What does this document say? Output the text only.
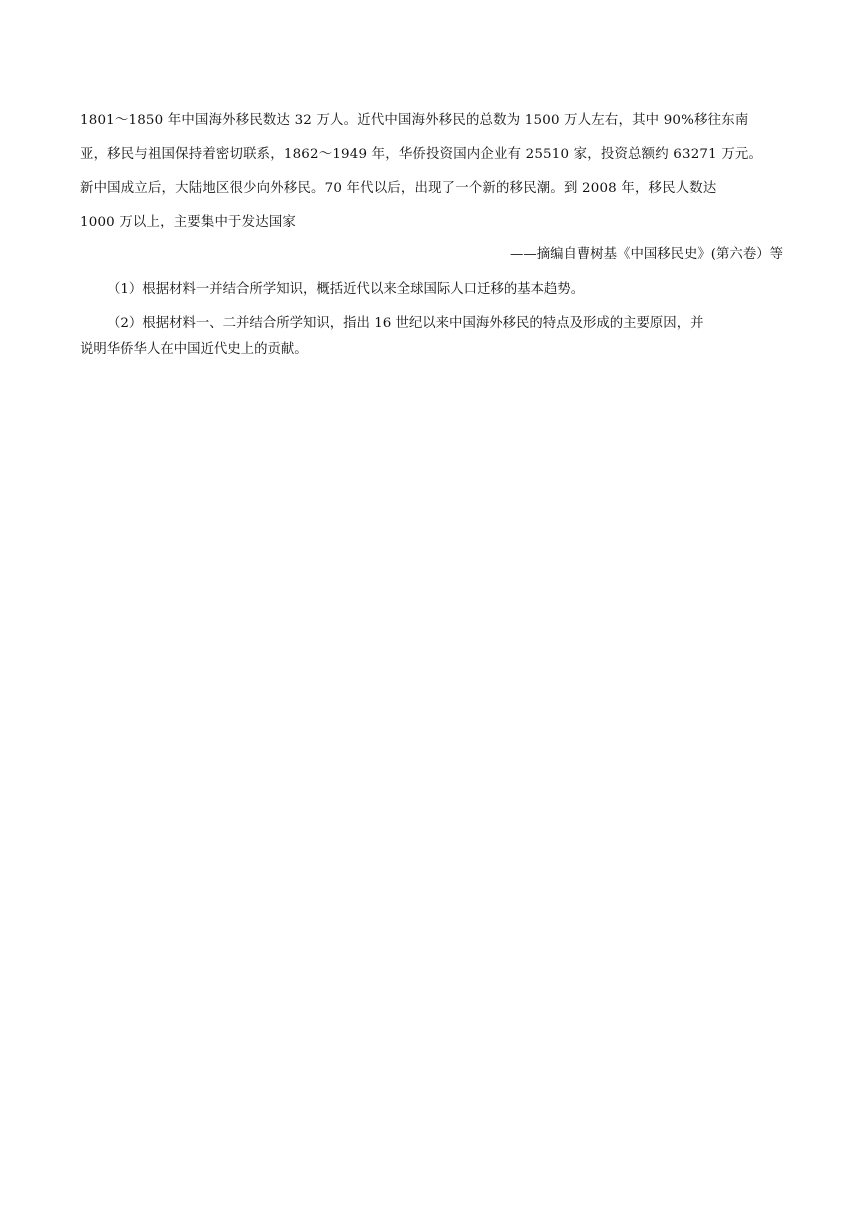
1801～1850 年中国海外移民数达 32 万人。近代中国海外移民的总数为 1500 万人左右，其中 90%移往东南
亚，移民与祖国保持着密切联系，1862～1949 年，华侨投资国内企业有 25510 家，投资总额约 63271 万元。
新中国成立后，大陆地区很少向外移民。70 年代以后，出现了一个新的移民潮。到 2008 年，移民人数达
1000 万以上，主要集中于发达国家
——摘编自曹树基《中国移民史》(第六卷）等
（1）根据材料一并结合所学知识，概括近代以来全球国际人口迁移的基本趋势。
（2）根据材料一、二并结合所学知识，指出 16 世纪以来中国海外移民的特点及形成的主要原因，并
说明华侨华人在中国近代史上的贡献。
